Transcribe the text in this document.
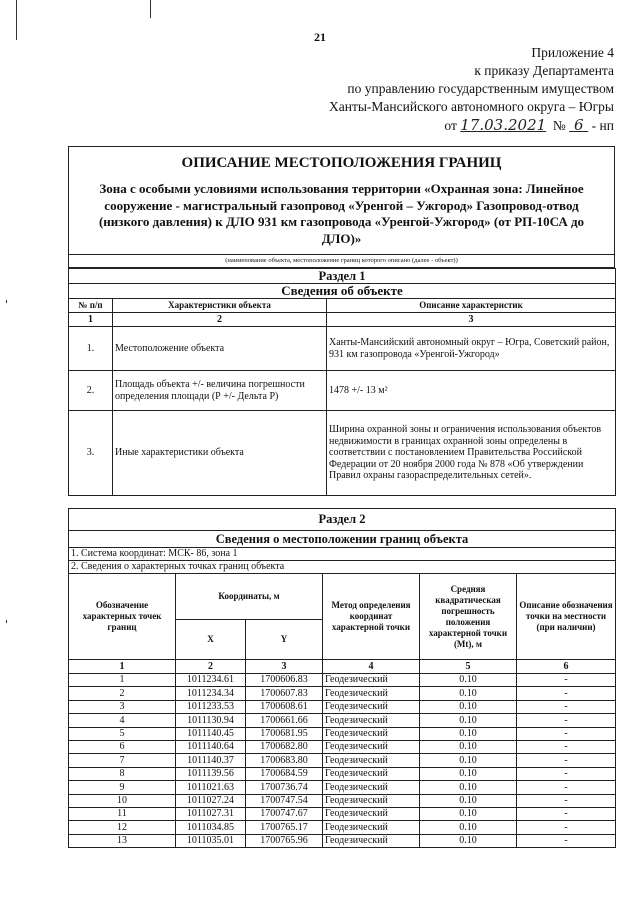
21
Приложение 4
к приказу Департамента
по управлению государственным имуществом
Ханты-Мансийского автономного округа – Югры
от 17.03.2021 № 6 - нп
ОПИСАНИЕ МЕСТОПОЛОЖЕНИЯ ГРАНИЦ
Зона с особыми условиями использования территории «Охранная зона: Линейное сооружение - магистральный газопровод «Уренгой – Ужгород» Газопровод-отвод (низкого давления) к ДЛО 931 км газопровода «Уренгой-Ужгород» (от РП-10СА до ДЛО)»
(наименование объекта, местоположение границ которого описано (далее - объект))
Раздел 1		
Сведения об объекте		
№ п/п	Характеристики объекта	Описание характеристик
1	2	3
1.	Местоположение объекта	Ханты-Мансийский автономный округ – Югра, Советский район, 931 км газопровода «Уренгой-Ужгород»
2.	Площадь объекта +/- величина погрешности определения площади (Р +/- Дельта Р)	1478 +/- 13 м²
3.	Иные характеристики объекта	Ширина охранной зоны и ограничения использования объектов недвижимости в границах охранной зоны определены в соответствии с постановлением Правительства Российской Федерации от 20 ноября 2000 года № 878 «Об утверждении Правил охраны газораспределительных сетей».
Раздел 2					
Сведения о местоположении границ объекта					
1. Система координат: МСК- 86, зона 1					
2. Сведения о характерных точках границ объекта					
Обозначение характерных точек границ	Координаты, м		Метод определения координат характерной точки	Средняя квадратическая погрешность положения характерной точки (Mt), м	Описание обозначения точки на местности (при наличии)
	X	Y			
1	2	3	4	5	6
1	1011234.61	1700606.83	Геодезический	0.10	-
2	1011234.34	1700607.83	Геодезический	0.10	-
3	1011233.53	1700608.61	Геодезический	0.10	-
4	1011130.94	1700661.66	Геодезический	0.10	-
5	1011140.45	1700681.95	Геодезический	0.10	-
6	1011140.64	1700682.80	Геодезический	0.10	-
7	1011140.37	1700683.80	Геодезический	0.10	-
8	1011139.56	1700684.59	Геодезический	0.10	-
9	1011021.63	1700736.74	Геодезический	0.10	-
10	1011027.24	1700747.54	Геодезический	0.10	-
11	1011027.31	1700747.67	Геодезический	0.10	-
12	1011034.85	1700765.17	Геодезический	0.10	-
13	1011035.01	1700765.96	Геодезический	0.10	-
